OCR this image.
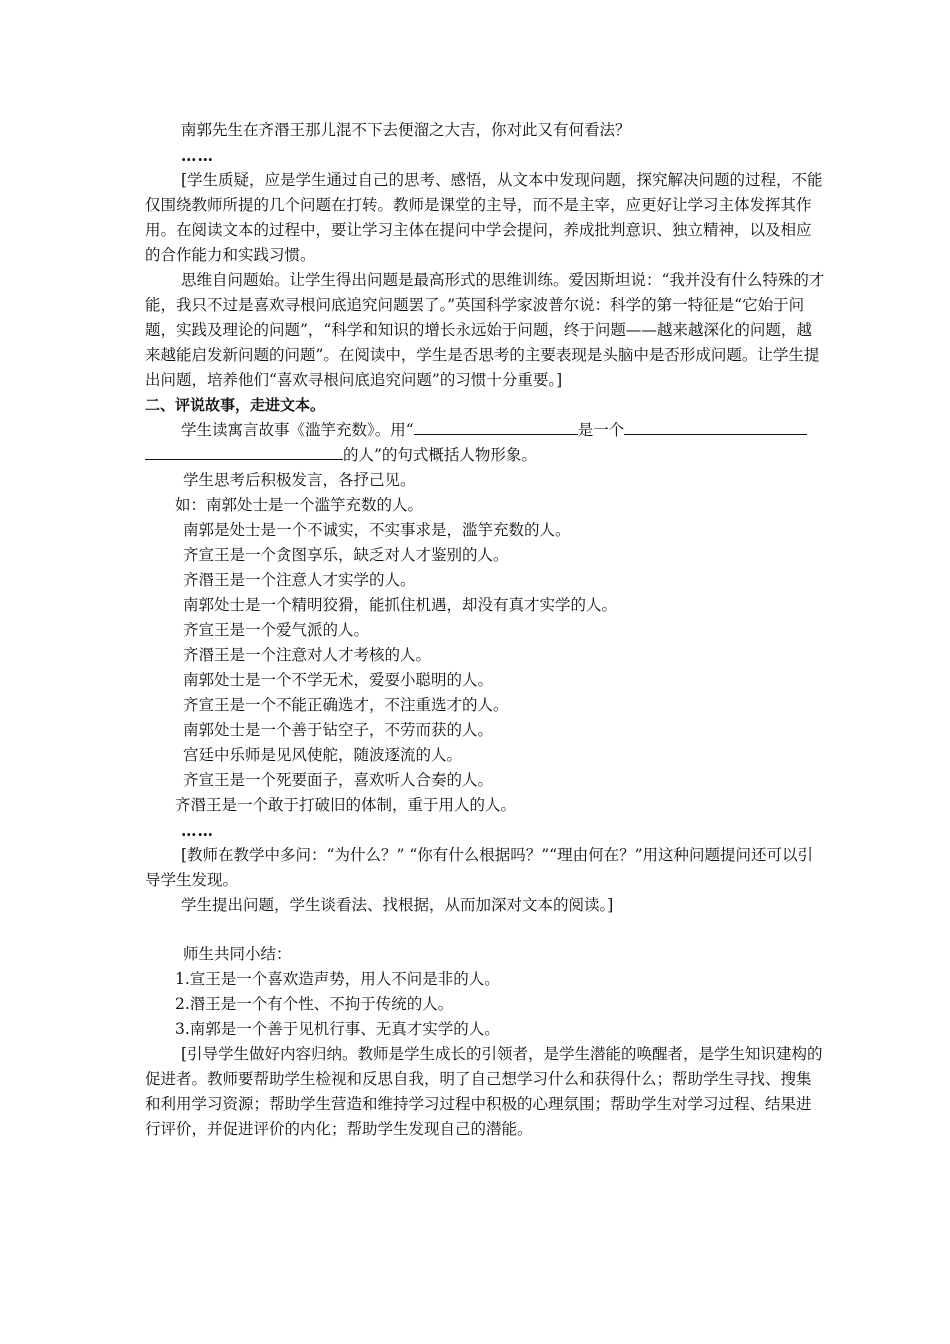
南郭先生在齐湣王那儿混不下去便溜之大吉，你对此又有何看法？

……

[学生质疑，应是学生通过自己的思考、感悟，从文本中发现问题，探究解决问题的过程，不能仅围绕教师所提的几个问题在打转。教师是课堂的主导，而不是主宰，应更好让学习主体发挥其作用。在阅读文本的过程中，要让学习主体在提问中学会提问，养成批判意识、独立精神，以及相应的合作能力和实践习惯。

思维自问题始。让学生得出问题是最高形式的思维训练。爱因斯坦说：“我并没有什么特殊的才能，我只不过是喜欢寻根问底追究问题罢了。”英国科学家波普尔说：科学的第一特征是“它始于问题，实践及理论的问题”，“科学和知识的增长永远始于问题，终于问题——越来越深化的问题，越来越能启发新问题的问题”。在阅读中，学生是否思考的主要表现是头脑中是否形成问题。让学生提出问题，培养他们“喜欢寻根问底追究问题”的习惯十分重要。]

二、评说故事，走进文本。

学生读寓言故事《滥竽充数》。用“	是一个的人”的句式概括人物形象。

学生思考后积极发言，各抒己见。

如：南郭处士是一个滥竽充数的人。

南郭是处士是一个不诚实，不实事求是，滥竽充数的人。

齐宣王是一个贪图享乐，缺乏对人才鉴别的人。

齐湣王是一个注意人才实学的人。

南郭处士是一个精明狡猾，能抓住机遇，却没有真才实学的人。

齐宣王是一个爱气派的人。

齐湣王是一个注意对人才考核的人。

南郭处士是一个不学无术，爱耍小聪明的人。

齐宣王是一个不能正确选才，不注重选才的人。

南郭处士是一个善于钻空子，不劳而获的人。

宫廷中乐师是见风使舵，随波逐流的人。

齐宣王是一个死要面子，喜欢听人合奏的人。

齐湣王是一个敢于打破旧的体制，重于用人的人。

……

[教师在教学中多问：“为什么？” “你有什么根据吗？”“理由何在？”用这种问题提问还可以引导学生发现。

学生提出问题，学生谈看法、找根据，从而加深对文本的阅读。]

师生共同小结：

1.宣王是一个喜欢造声势，用人不问是非的人。

2.湣王是一个有个性、不拘于传统的人。

3.南郭是一个善于见机行事、无真才实学的人。

[引导学生做好内容归纳。教师是学生成长的引领者，是学生潜能的唤醒者，是学生知识建构的促进者。教师要帮助学生检视和反思自我，明了自己想学习什么和获得什么；帮助学生寻找、搜集和利用学习资源；帮助学生营造和维持学习过程中积极的心理氛围；帮助学生对学习过程、结果进行评价，并促进评价的内化；帮助学生发现自己的潜能。
